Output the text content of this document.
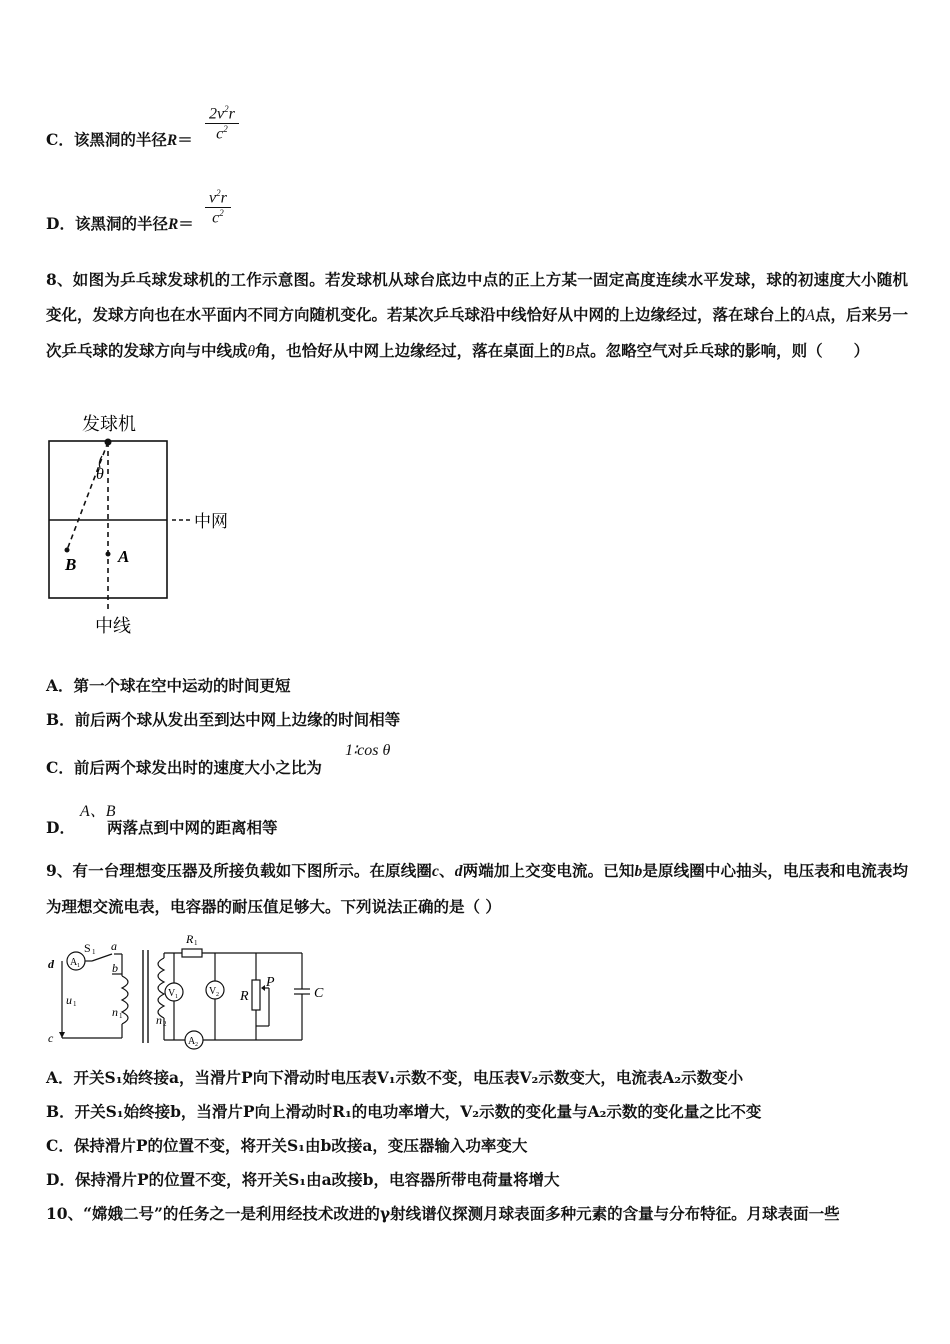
C．该黑洞的半径R＝
$2v^2r$
$c^2$
D．该黑洞的半径R＝
$v^2r$
$c^2$
8、如图为乒乓球发球机的工作示意图。若发球机从球台底边中点的正上方某一固定高度连续水平发球，球的初速度大小随机变化，发球方向也在水平面内不同方向随机变化。若某次乒乓球沿中线恰好从中网的上边缘经过，落在球台上的A点，后来另一次乒乓球的发球方向与中线成θ角，也恰好从中网上边缘经过，落在桌面上的B点。忽略空气对乒乓球的影响，则（　　）
发球机
中网
θ
B A
中线
A．第一个球在空中运动的时间更短
B．前后两个球从发出至到达中网上边缘的时间相等
C．前后两个球发出时的速度大小之比为
1∶cos θ
D． 两落点到中网的距离相等
A、B
9、有一台理想变压器及所接负载如下图所示。在原线圈c、d两端加上交变电流。已知b是原线圈中心抽头，电压表和电流表均为理想交流电表，电容器的耐压值足够大。下列说法正确的是（ ）
d
c
A 1
S 1 a
b
u 1
n 1	n 2
R 1
V 1	V 2
A 2
R
P
C
A．开关S₁始终接a，当滑片P向下滑动时电压表V₁示数不变，电压表V₂示数变大，电流表A₂示数变小
B．开关S₁始终接b，当滑片P向上滑动时R₁的电功率增大，V₂示数的变化量与A₂示数的变化量之比不变
C．保持滑片P的位置不变，将开关S₁由b改接a，变压器输入功率变大
D．保持滑片P的位置不变，将开关S₁由a改接b，电容器所带电荷量将增大
10、“嫦娥二号”的任务之一是利用经技术改进的γ射线谱仪探测月球表面多种元素的含量与分布特征。月球表面一些
